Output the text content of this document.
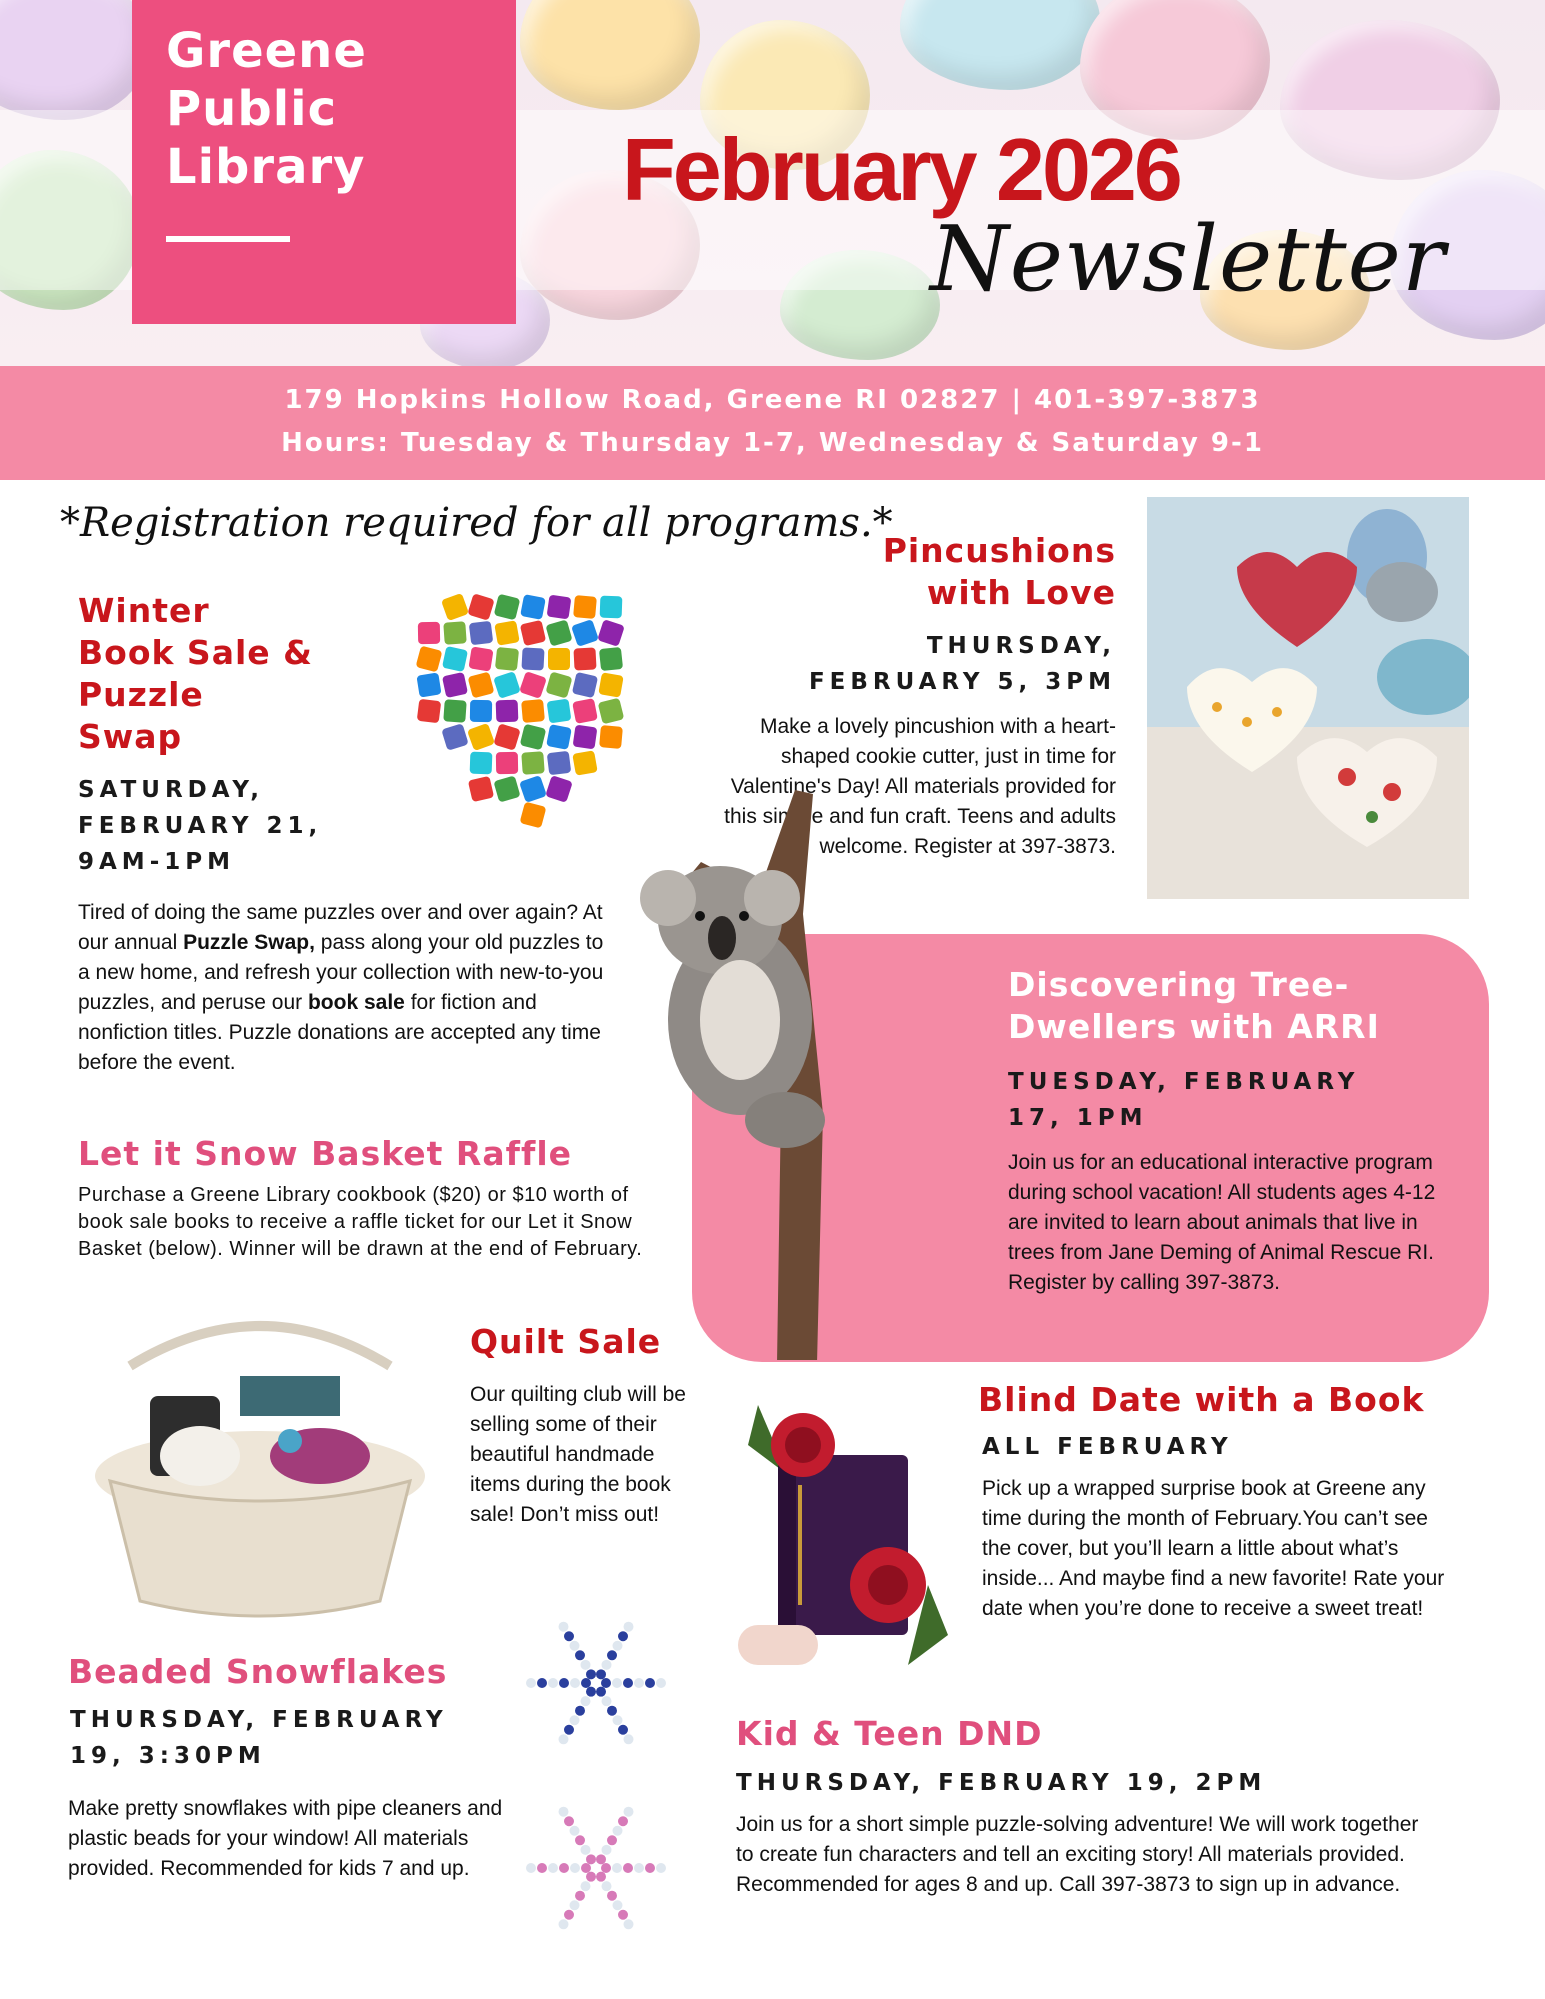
Greene Public Library	February 2026
Newsletter
179 Hopkins Hollow Road, Greene RI 02827 | 401-397-3873
Hours: Tuesday & Thursday 1-7, Wednesday & Saturday 9-1
*Registration required for all programs.*
Winter Book Sale & Puzzle Swap
SATURDAY, FEBRUARY 21, 9AM-1PM
Tired of doing the same puzzles over and over again? At our annual Puzzle Swap, pass along your old puzzles to a new home, and refresh your collection with new-to-you puzzles, and peruse our book sale for fiction and nonfiction titles. Puzzle donations are accepted any time before the event.
Let it Snow Basket Raffle
Purchase a Greene Library cookbook ($20) or $10 worth of book sale books to receive a raffle ticket for our Let it Snow Basket (below). Winner will be drawn at the end of February.
Pincushions with Love
THURSDAY, FEBRUARY 5, 3PM
Make a lovely pincushion with a heart-shaped cookie cutter, just in time for Valentine's Day! All materials provided for this simple and fun craft. Teens and adults welcome. Register at 397-3873.
Discovering Tree-Dwellers with ARRI
TUESDAY, FEBRUARY 17, 1PM
Join us for an educational interactive program during school vacation! All students ages 4-12 are invited to learn about animals that live in trees from Jane Deming of Animal Rescue RI. Register by calling 397-3873.
Quilt Sale
Our quilting club will be selling some of their beautiful handmade items during the book sale! Don’t miss out!
Blind Date with a Book
ALL FEBRUARY
Pick up a wrapped surprise book at Greene any time during the month of February.You can’t see the cover, but you’ll learn a little about what’s inside... And maybe find a new favorite! Rate your date when you’re done to receive a sweet treat!
Beaded Snowflakes
THURSDAY, FEBRUARY 19, 3:30PM
Make pretty snowflakes with pipe cleaners and plastic beads for your window! All materials provided. Recommended for kids 7 and up.
Kid & Teen DND
THURSDAY, FEBRUARY 19, 2PM
Join us for a short simple puzzle-solving adventure! We will work together to create fun characters and tell an exciting story! All materials provided. Recommended for ages 8 and up. Call 397-3873 to sign up in advance.
